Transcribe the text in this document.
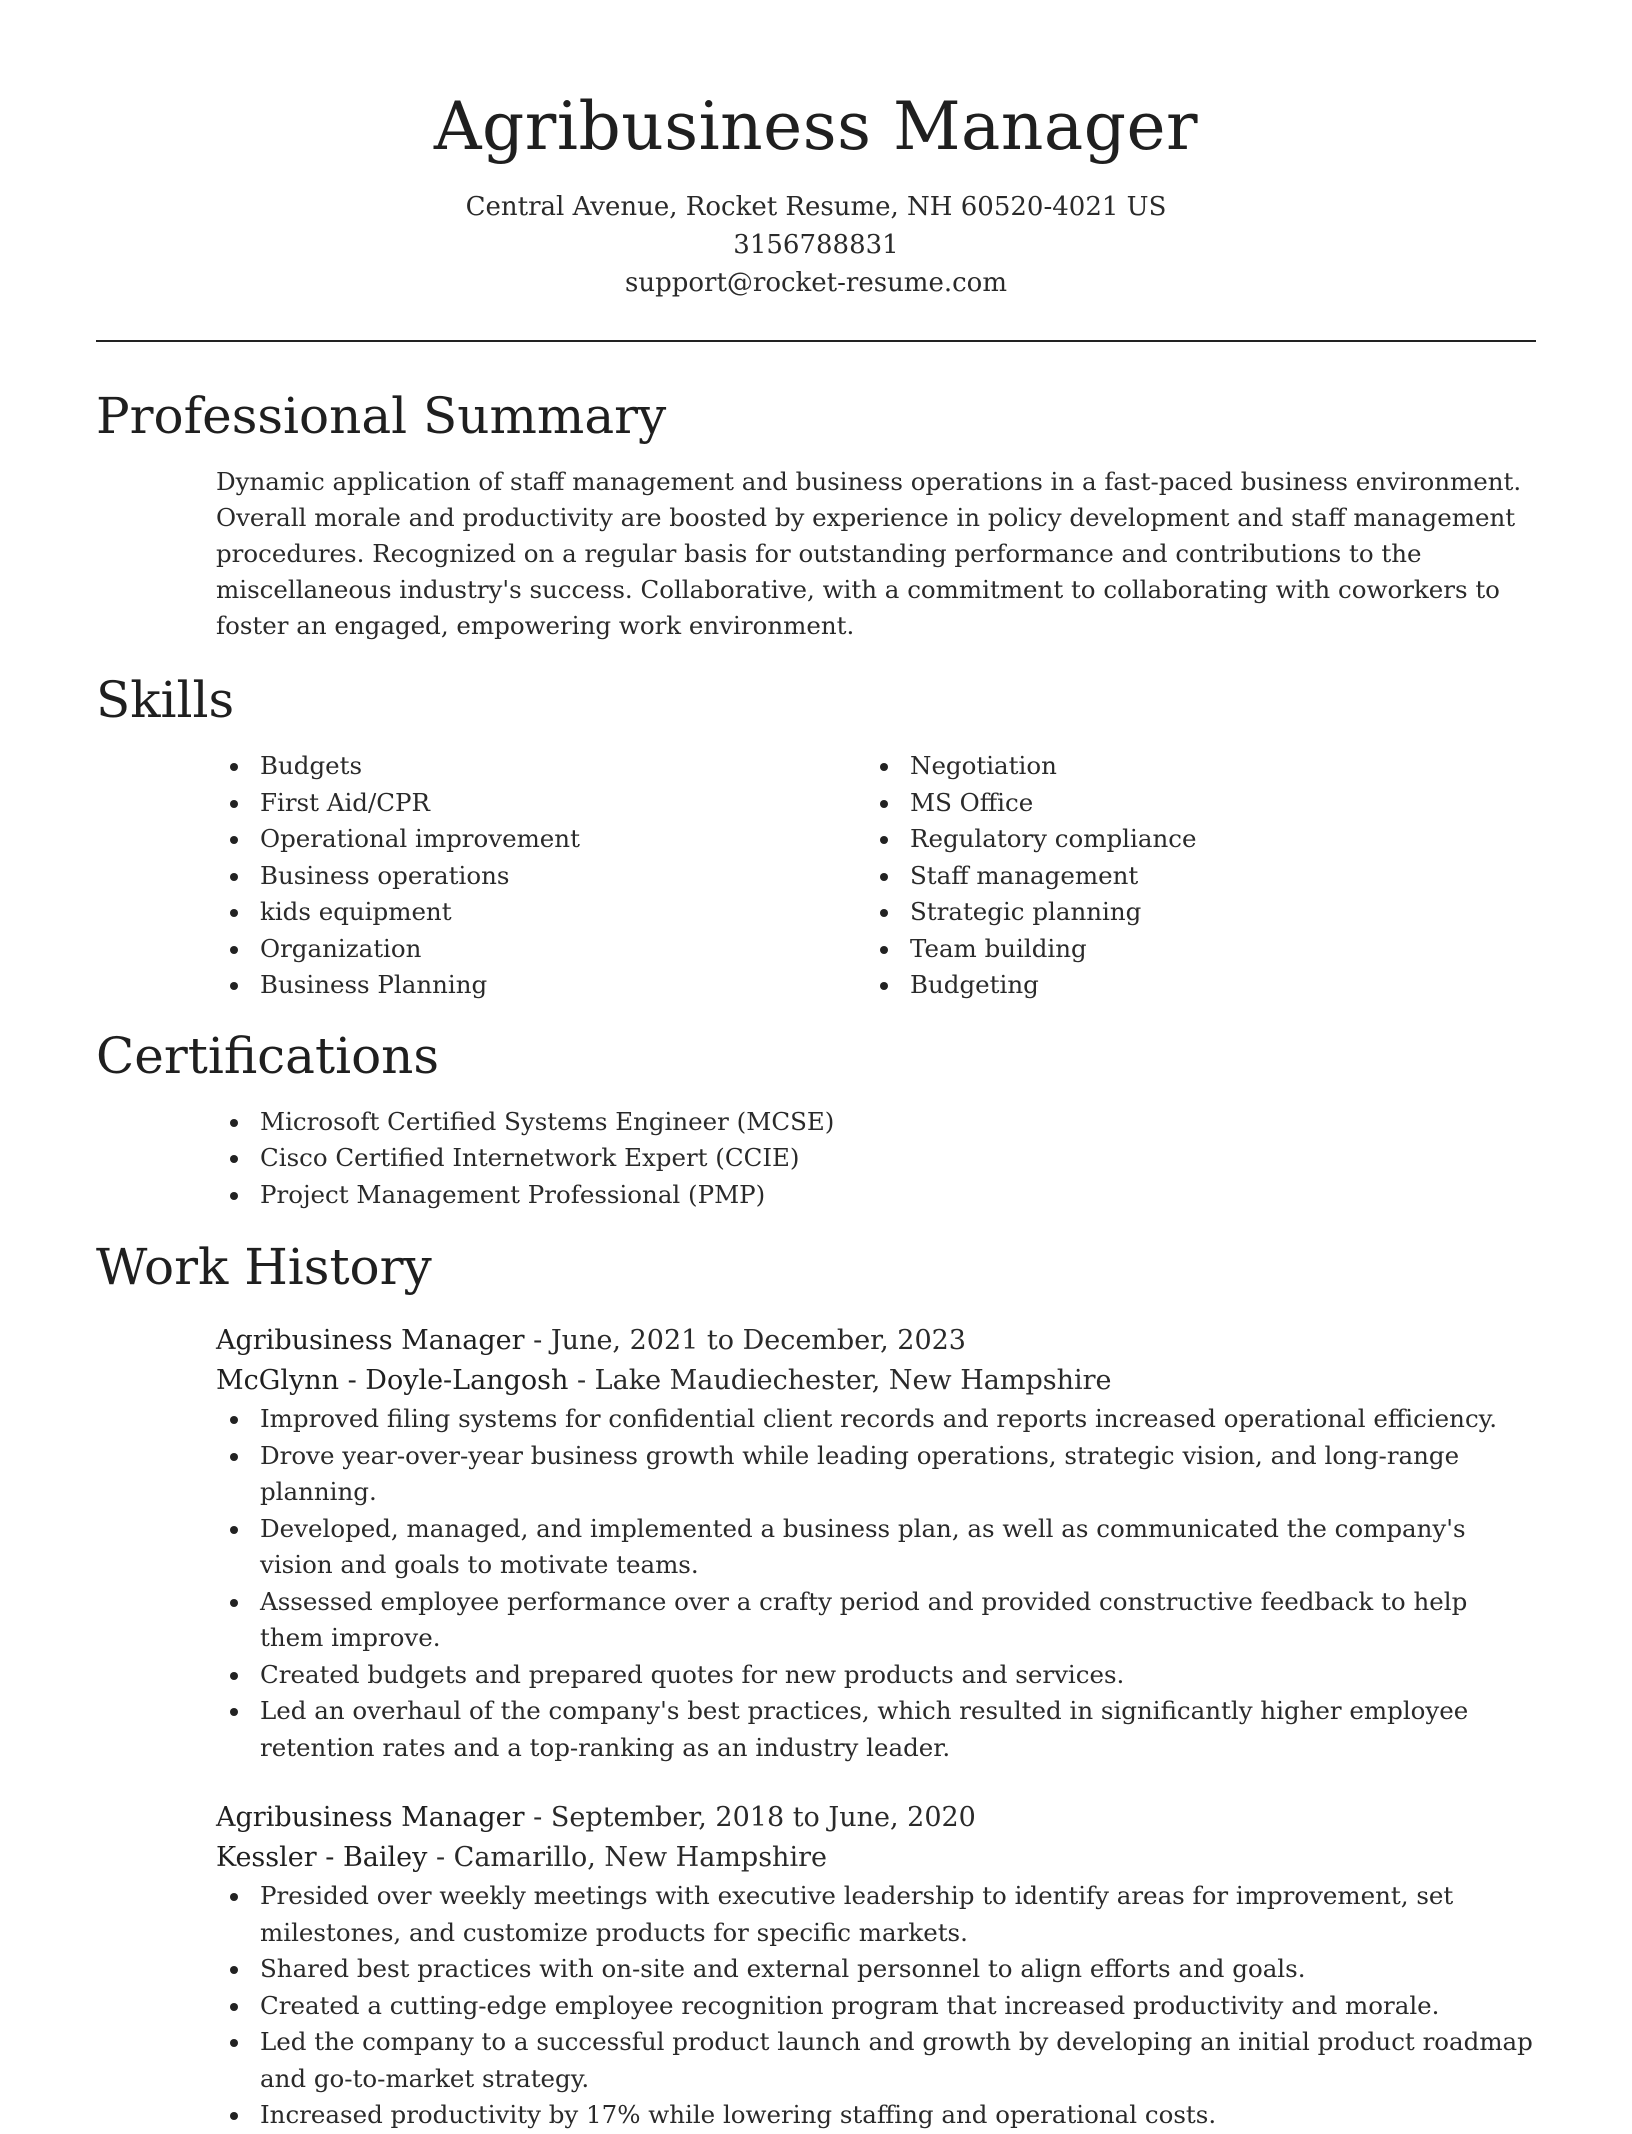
Agribusiness Manager
Central Avenue, Rocket Resume, NH 60520-4021 US
3156788831
support@rocket-resume.com
Professional Summary
Dynamic application of staff management and business operations in a fast-paced business environment. Overall morale and productivity are boosted by experience in policy development and staff management procedures. Recognized on a regular basis for outstanding performance and contributions to the miscellaneous industry's success. Collaborative, with a commitment to collaborating with coworkers to foster an engaged, empowering work environment.
Skills
Budgets
First Aid/CPR
Operational improvement
Business operations
kids equipment
Organization
Business Planning
Negotiation
MS Office
Regulatory compliance
Staff management
Strategic planning
Team building
Budgeting
Certifications
Microsoft Certified Systems Engineer (MCSE)
Cisco Certified Internetwork Expert (CCIE)
Project Management Professional (PMP)
Work History
Agribusiness Manager - June, 2021 to December, 2023
McGlynn - Doyle-Langosh - Lake Maudiechester, New Hampshire
Improved filing systems for confidential client records and reports increased operational efficiency.
Drove year-over-year business growth while leading operations, strategic vision, and long-range planning.
Developed, managed, and implemented a business plan, as well as communicated the company's vision and goals to motivate teams.
Assessed employee performance over a crafty period and provided constructive feedback to help them improve.
Created budgets and prepared quotes for new products and services.
Led an overhaul of the company's best practices, which resulted in significantly higher employee retention rates and a top-ranking as an industry leader.
Agribusiness Manager - September, 2018 to June, 2020
Kessler - Bailey - Camarillo, New Hampshire
Presided over weekly meetings with executive leadership to identify areas for improvement, set milestones, and customize products for specific markets.
Shared best practices with on-site and external personnel to align efforts and goals.
Created a cutting-edge employee recognition program that increased productivity and morale.
Led the company to a successful product launch and growth by developing an initial product roadmap and go-to-market strategy.
Increased productivity by 17% while lowering staffing and operational costs.
